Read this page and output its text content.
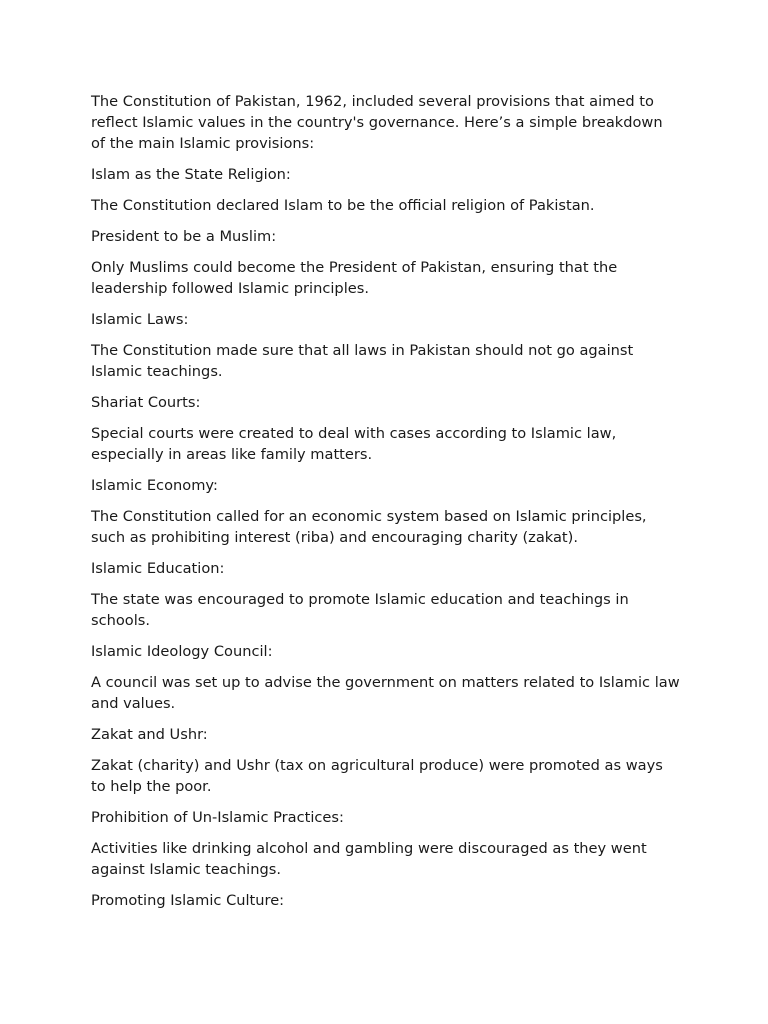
The Constitution of Pakistan, 1962, included several provisions that aimed to reflect Islamic values in the country's governance. Here’s a simple breakdown of the main Islamic provisions:

Islam as the State Religion:

The Constitution declared Islam to be the official religion of Pakistan.

President to be a Muslim:

Only Muslims could become the President of Pakistan, ensuring that the leadership followed Islamic principles.

Islamic Laws:

The Constitution made sure that all laws in Pakistan should not go against Islamic teachings.

Shariat Courts:

Special courts were created to deal with cases according to Islamic law, especially in areas like family matters.

Islamic Economy:

The Constitution called for an economic system based on Islamic principles, such as prohibiting interest (riba) and encouraging charity (zakat).

Islamic Education:

The state was encouraged to promote Islamic education and teachings in schools.

Islamic Ideology Council:

A council was set up to advise the government on matters related to Islamic law and values.

Zakat and Ushr:

Zakat (charity) and Ushr (tax on agricultural produce) were promoted as ways to help the poor.

Prohibition of Un-Islamic Practices:

Activities like drinking alcohol and gambling were discouraged as they went against Islamic teachings.

Promoting Islamic Culture:
